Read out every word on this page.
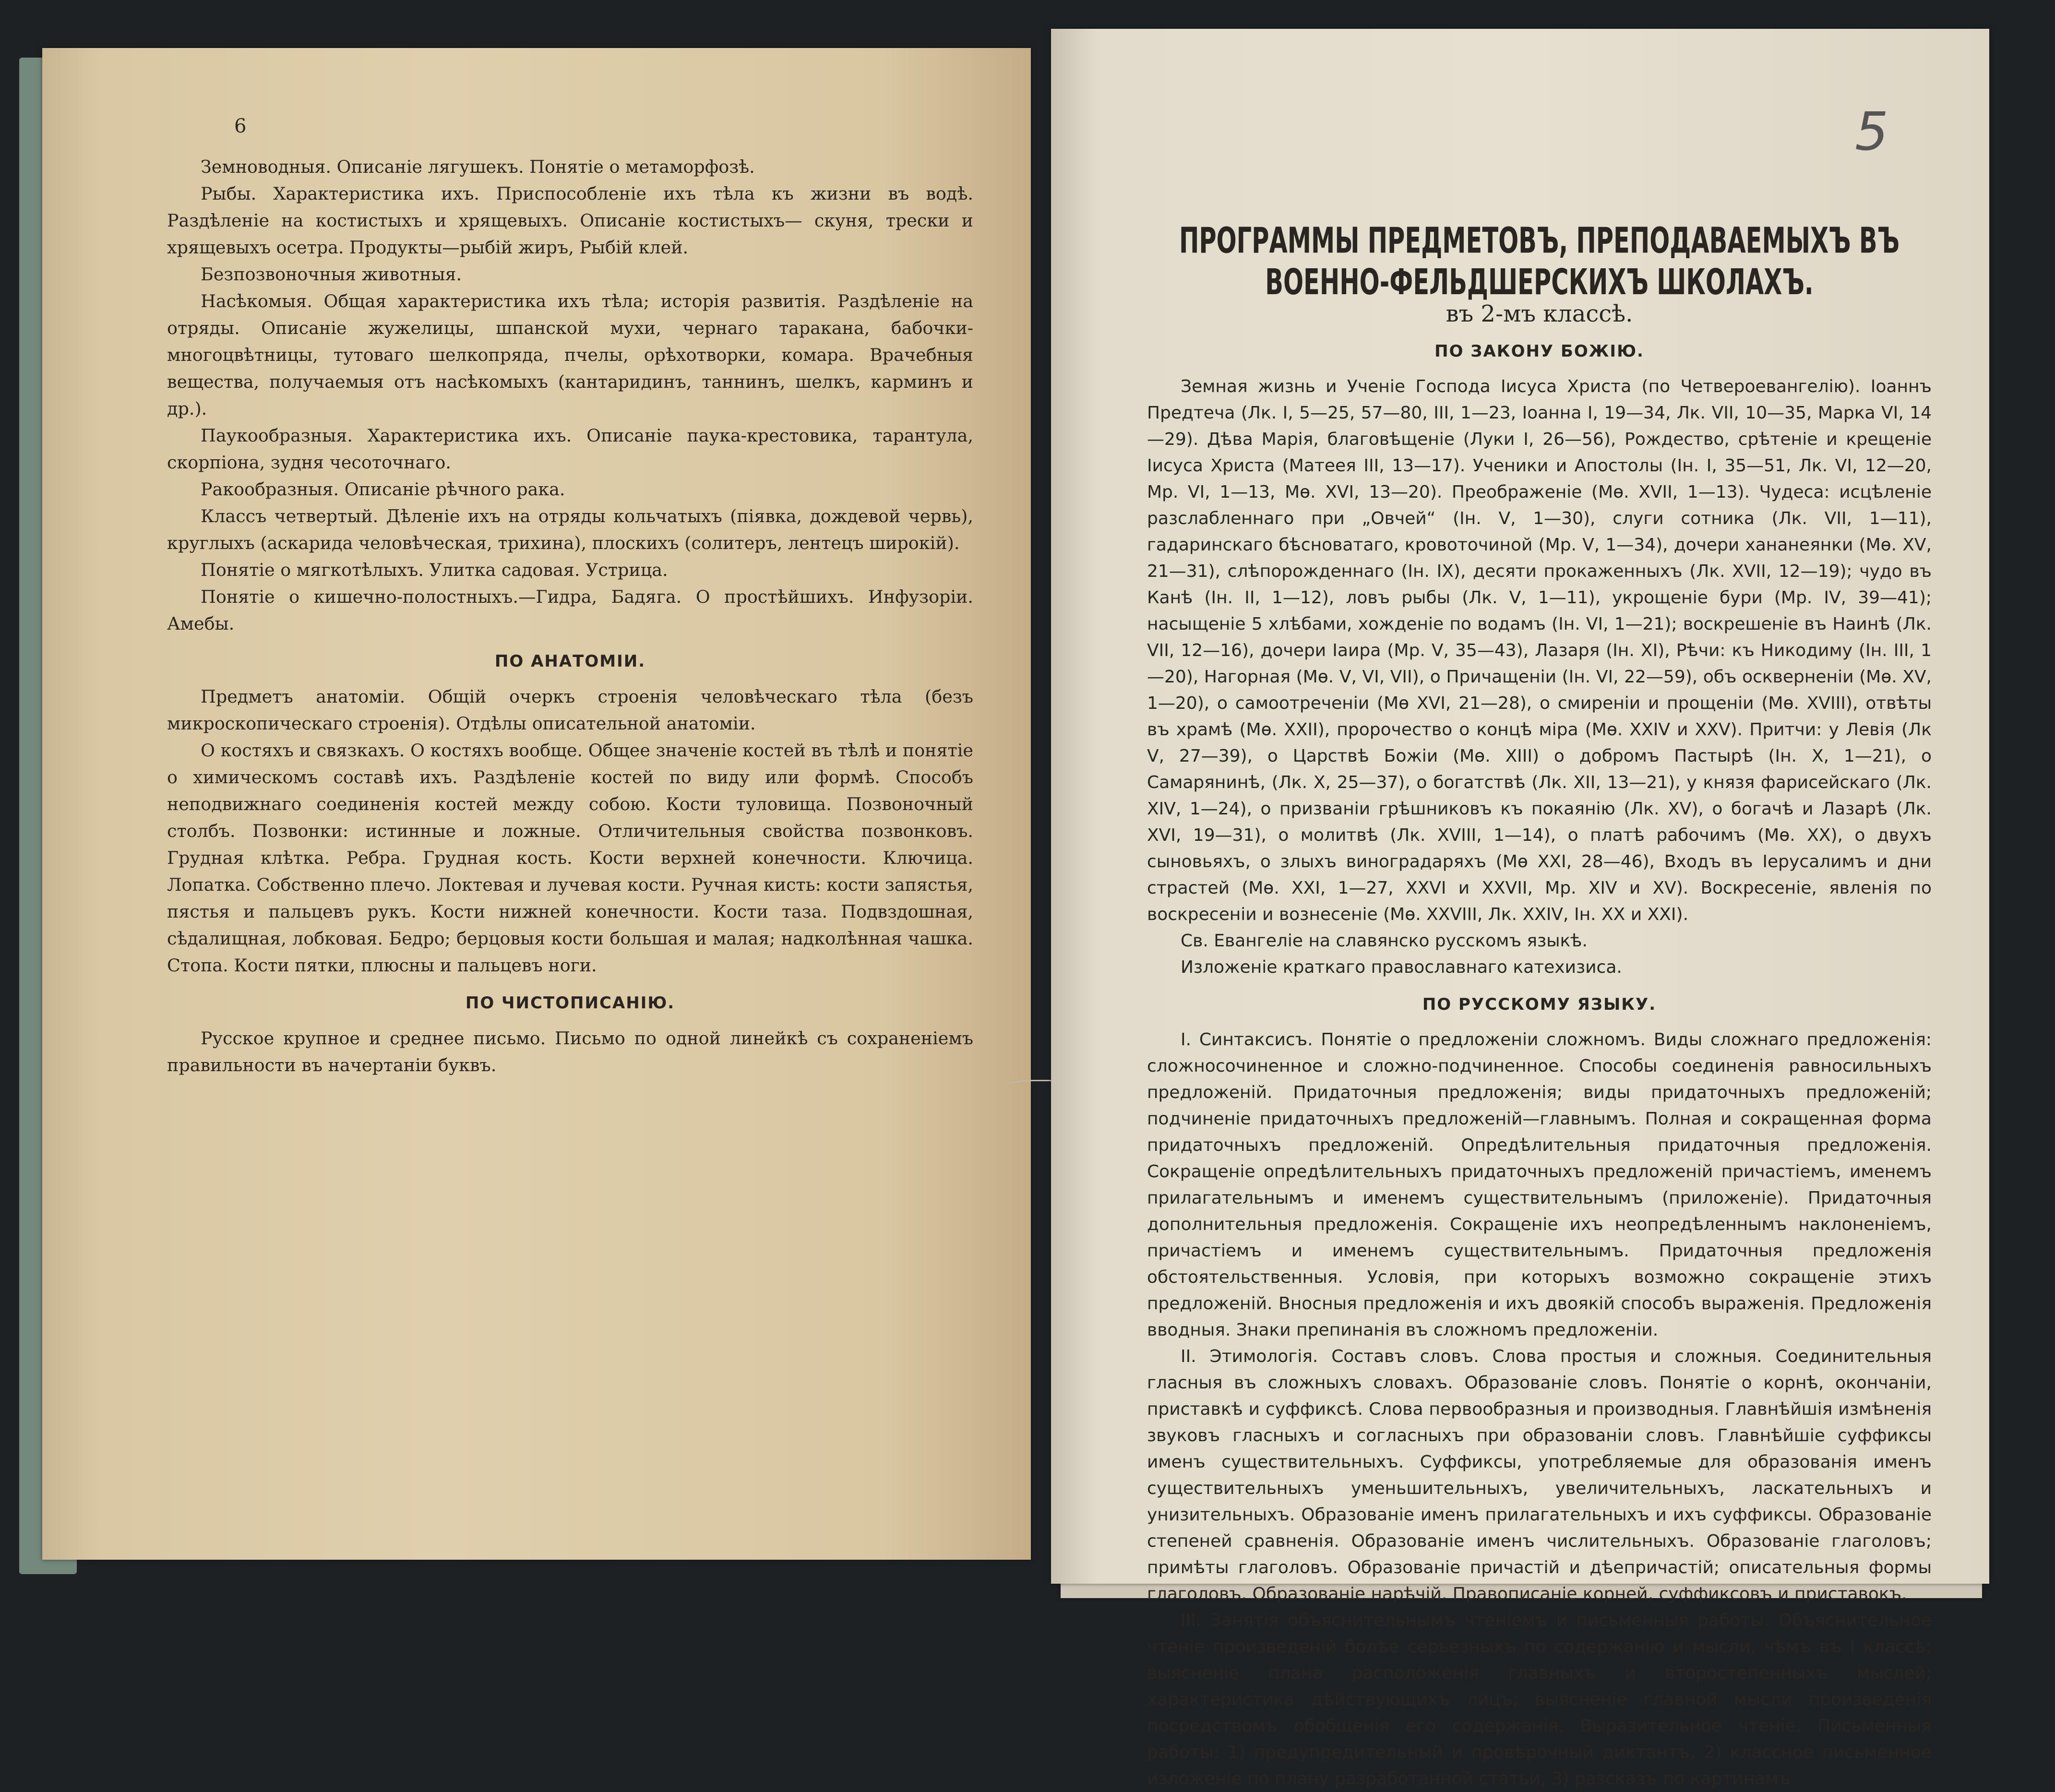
6

Земноводныя. Описаніе лягушекъ. Понятіе о метаморфозѣ.

Рыбы. Характеристика ихъ. Приспособленіе ихъ тѣла къ жизни въ водѣ. Раздѣленіе на костистыхъ и хрящевыхъ. Описаніе костистыхъ— скуня, трески и хрящевыхъ осетра. Продукты—рыбій жиръ, Рыбій клей.

Безпозвоночныя животныя.

Насѣкомыя. Общая характеристика ихъ тѣла; исторія развитія. Раздѣленіе на отряды. Описаніе жужелицы, шпанской мухи, чернаго таракана, бабочки-многоцвѣтницы, тутоваго шелкопряда, пчелы, орѣхотворки, комара. Врачебныя вещества, получаемыя отъ насѣкомыхъ (кантаридинъ, таннинъ, шелкъ, карминъ и др.).

Паукообразныя. Характеристика ихъ. Описаніе паука-крестовика, тарантула, скорпіона, зудня чесоточнаго.

Ракообразныя. Описаніе рѣчного рака.

Классъ четвертый. Дѣленіе ихъ на отряды кольчатыхъ (піявка, дождевой червь), круглыхъ (аскарида человѣческая, трихина), плоскихъ (солитеръ, лентецъ широкій).

Понятіе о мягкотѣлыхъ. Улитка садовая. Устрица.

Понятіе о кишечно-полостныхъ.—Гидра, Бадяга. О простѣйшихъ. Инфузоріи. Амебы.

ПО АНАТОМІИ.

Предметъ анатоміи. Общій очеркъ строенія человѣческаго тѣла (безъ микроскопическаго строенія). Отдѣлы описательной анатоміи.

О костяхъ и связкахъ. О костяхъ вообще. Общее значеніе костей въ тѣлѣ и понятіе о химическомъ составѣ ихъ. Раздѣленіе костей по виду или формѣ. Способъ неподвижнаго соединенія костей между собою. Кости туловища. Позвоночный столбъ. Позвонки: истинные и ложные. Отличительныя свойства позвонковъ. Грудная клѣтка. Ребра. Грудная кость. Кости верхней конечности. Ключица. Лопатка. Собственно плечо. Локтевая и лучевая кости. Ручная кисть: кости запястья, пястья и пальцевъ рукъ. Кости нижней конечности. Кости таза. Подвздошная, сѣдалищная, лобковая. Бедро; берцовыя кости большая и малая; надколѣнная чашка. Стопа. Кости пятки, плюсны и пальцевъ ноги.

ПО ЧИСТОПИСАНІЮ.

Русское крупное и среднее письмо. Письмо по одной линейкѣ съ сохраненіемъ правильности въ начертаніи буквъ.

5
ПРОГРАММЫ ПРЕДМЕТОВЪ, ПРЕПОДАВАЕМЫХЪ ВЪ ВОЕННО-ФЕЛЬДШЕРСКИХЪ ШКОЛАХЪ.
въ 2-мъ классѣ.
ПО ЗАКОНУ БОЖІЮ.

Земная жизнь и Ученіе Господа Іисуса Христа (по Четвероевангелію). Іоаннъ Предтеча (Лк. І, 5—25, 57—80, III, 1—23, Іоанна І, 19—34, Лк. VII, 10—35, Марка VI, 14—29). Дѣва Марія, благовѣщеніе (Луки І, 26—56), Рождество, срѣтеніе и крещеніе Іисуса Христа (Матеея III, 13—17). Ученики и Апостолы (Ін. І, 35—51, Лк. VI, 12—20, Мр. VI, 1—13, Мѳ. XVI, 13—20). Преображеніе (Мѳ. XVII, 1—13). Чудеса: исцѣленіе разслабленнаго при „Овчей“ (Ін. V, 1—30), слуги сотника (Лк. VII, 1—11), гадаринскаго бѣсноватаго, кровоточиной (Мр. V, 1—34), дочери хананеянки (Мѳ. XV, 21—31), слѣпорожденнаго (Ін. IX), десяти прокаженныхъ (Лк. XVII, 12—19); чудо въ Канѣ (Ін. II, 1—12), ловъ рыбы (Лк. V, 1—11), укрощеніе бури (Мр. IV, 39—41); насыщеніе 5 хлѣбами, хожденіе по водамъ (Ін. VI, 1—21); воскрешеніе въ Наинѣ (Лк. VII, 12—16), дочери Іаира (Мр. V, 35—43), Лазаря (Ін. XI), Рѣчи: къ Никодиму (Ін. III, 1—20), Нагорная (Мѳ. V, VI, VII), о Причащеніи (Ін. VI, 22—59), объ оскверненіи (Мѳ. XV, 1—20), о самоотреченіи (Мѳ XVI, 21—28), о смиреніи и прощеніи (Мѳ. XVIII), отвѣты въ храмѣ (Мѳ. XXII), пророчество о концѣ міра (Мѳ. XXIV и XXV). Притчи: у Левія (Лк V, 27—39), о Царствѣ Божіи (Мѳ. XIII) о добромъ Пастырѣ (Ін. X, 1—21), о Самарянинѣ, (Лк. X, 25—37), о богатствѣ (Лк. XII, 13—21), у князя фарисейскаго (Лк. XIV, 1—24), о призваніи грѣшниковъ къ покаянію (Лк. XV), о богачѣ и Лазарѣ (Лк. XVI, 19—31), о молитвѣ (Лк. XVIII, 1—14), о платѣ рабочимъ (Мѳ. XX), о двухъ сыновьяхъ, о злыхъ виноградаряхъ (Мѳ XXI, 28—46), Входъ въ Іерусалимъ и дни страстей (Мѳ. XXI, 1—27, XXVI и XXVII, Мр. XIV и XV). Воскресеніе, явленія по воскресеніи и вознесеніе (Мѳ. XXVIII, Лк. XXIV, Ін. XX и XXI).

Св. Евангеліе на славянско русскомъ языкѣ.

Изложеніе краткаго православнаго катехизиса.

ПО РУССКОМУ ЯЗЫКУ.

І. Синтаксисъ. Понятіе о предложеніи сложномъ. Виды сложнаго предложенія: сложносочиненное и сложно-подчиненное. Способы соединенія равносильныхъ предложеній. Придаточныя предложенія; виды придаточныхъ предложеній; подчиненіе придаточныхъ предложеній—главнымъ. Полная и сокращенная форма придаточныхъ предложеній. Опредѣлительныя придаточныя предложенія. Сокращеніе опредѣлительныхъ придаточныхъ предложеній причастіемъ, именемъ прилагательнымъ и именемъ существительнымъ (приложеніе). Придаточныя дополнительныя предложенія. Сокращеніе ихъ неопредѣленнымъ наклоненіемъ, причастіемъ и именемъ существительнымъ. Придаточныя предложенія обстоятельственныя. Условія, при которыхъ возможно сокращеніе этихъ предложеній. Вносныя предложенія и ихъ двоякій способъ выраженія. Предложенія вводныя. Знаки препинанія въ сложномъ предложеніи.

II. Этимологія. Составъ словъ. Слова простыя и сложныя. Соединительныя гласныя въ сложныхъ словахъ. Образованіе словъ. Понятіе о корнѣ, окончаніи, приставкѣ и суффиксѣ. Слова первообразныя и производныя. Главнѣйшія измѣненія звуковъ гласныхъ и согласныхъ при образованіи словъ. Главнѣйшіе суффиксы именъ существительныхъ. Суффиксы, употребляемые для образованія именъ существительныхъ уменьшительныхъ, увеличительныхъ, ласкательныхъ и унизительныхъ. Образованіе именъ прилагательныхъ и ихъ суффиксы. Образованіе степеней сравненія. Образованіе именъ числительныхъ. Образованіе глаголовъ; примѣты глаголовъ. Образованіе причастій и дѣепричастій; описательныя формы глаголовъ. Образованіе нарѣчій. Правописаніе корней, суффиксовъ и приставокъ.

III. Занятія объяснительнымъ чтеніемъ и письменныя работы. Объяснительное чтеніе произведеній болѣе серьезныхъ по содержанію и мысли, чѣмъ въ І классѣ: выясненіе плана расположенія главныхъ и второстепенныхъ мыслей; характеристика дѣйствующихъ лицъ; выясненіе главной мысли произведенія посредствомъ обобщенія его содержанія. Выразительное чтеніе. Письменныя работы: 1) предупредительный и провѣрочный диктантъ, 2) классное письменное изложеніе по плану разработанной статьи, 3) разсказъ по картинамъ
